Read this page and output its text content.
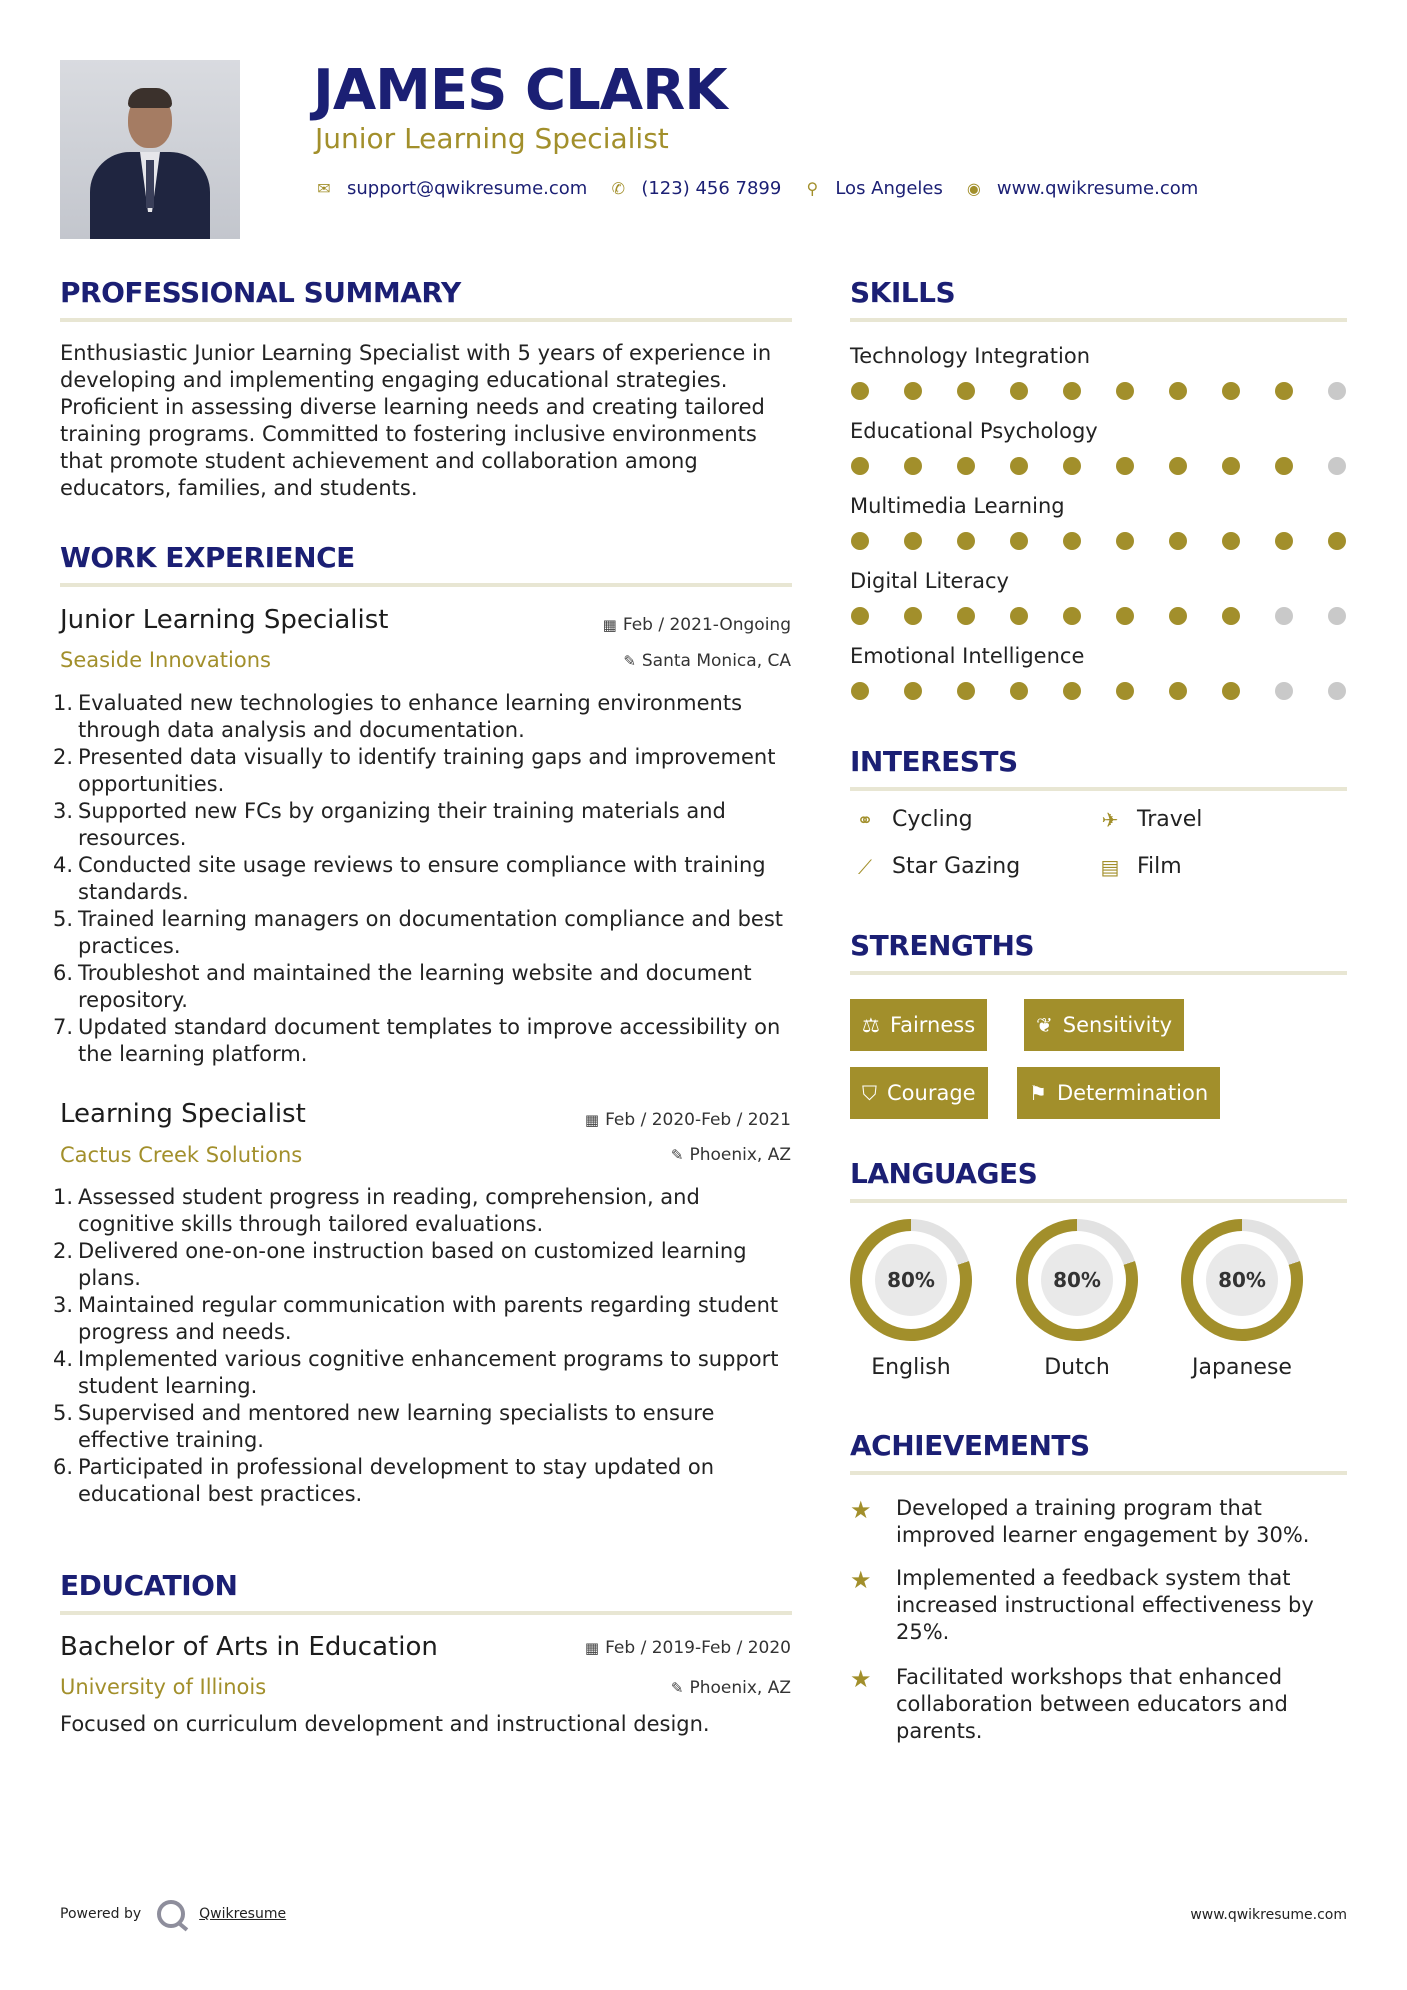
JAMES CLARK
Junior Learning Specialist
✉ support@qwikresume.com ✆ (123) 456 7899 ⚲ Los Angeles ◉ www.qwikresume.com
PROFESSIONAL SUMMARY
Enthusiastic Junior Learning Specialist with 5 years of experience in developing and implementing engaging educational strategies. Proficient in assessing diverse learning needs and creating tailored training programs. Committed to fostering inclusive environments that promote student achievement and collaboration among educators, families, and students.
WORK EXPERIENCE
Junior Learning Specialist	▦ Feb / 2021-Ongoing
Seaside Innovations	✎ Santa Monica, CA
1. Evaluated new technologies to enhance learning environments through data analysis and documentation.
2. Presented data visually to identify training gaps and improvement opportunities.
3. Supported new FCs by organizing their training materials and resources.
4. Conducted site usage reviews to ensure compliance with training standards.
5. Trained learning managers on documentation compliance and best practices.
6. Troubleshot and maintained the learning website and document repository.
7. Updated standard document templates to improve accessibility on the learning platform.
Learning Specialist	▦ Feb / 2020-Feb / 2021
Cactus Creek Solutions	✎ Phoenix, AZ
1. Assessed student progress in reading, comprehension, and cognitive skills through tailored evaluations.
2. Delivered one-on-one instruction based on customized learning plans.
3. Maintained regular communication with parents regarding student progress and needs.
4. Implemented various cognitive enhancement programs to support student learning.
5. Supervised and mentored new learning specialists to ensure effective training.
6. Participated in professional development to stay updated on educational best practices.
EDUCATION
Bachelor of Arts in Education	▦ Feb / 2019-Feb / 2020
University of Illinois	✎ Phoenix, AZ
Focused on curriculum development and instructional design.
SKILLS
Technology Integration
Educational Psychology
Multimedia Learning
Digital Literacy
Emotional Intelligence
INTERESTS
⚭ Cycling	✈ Travel
⟋ Star Gazing	▤ Film
STRENGTHS
⚖ Fairness	❦ Sensitivity
⛉ Courage	⚑ Determination
LANGUAGES
80%
English
80%
Dutch
80%
Japanese
ACHIEVEMENTS
★ Developed a training program that improved learner engagement by 30%.
★ Implemented a feedback system that increased instructional effectiveness by 25%.
★ Facilitated workshops that enhanced collaboration between educators and parents.
Powered by	Qwikresume	www.qwikresume.com
